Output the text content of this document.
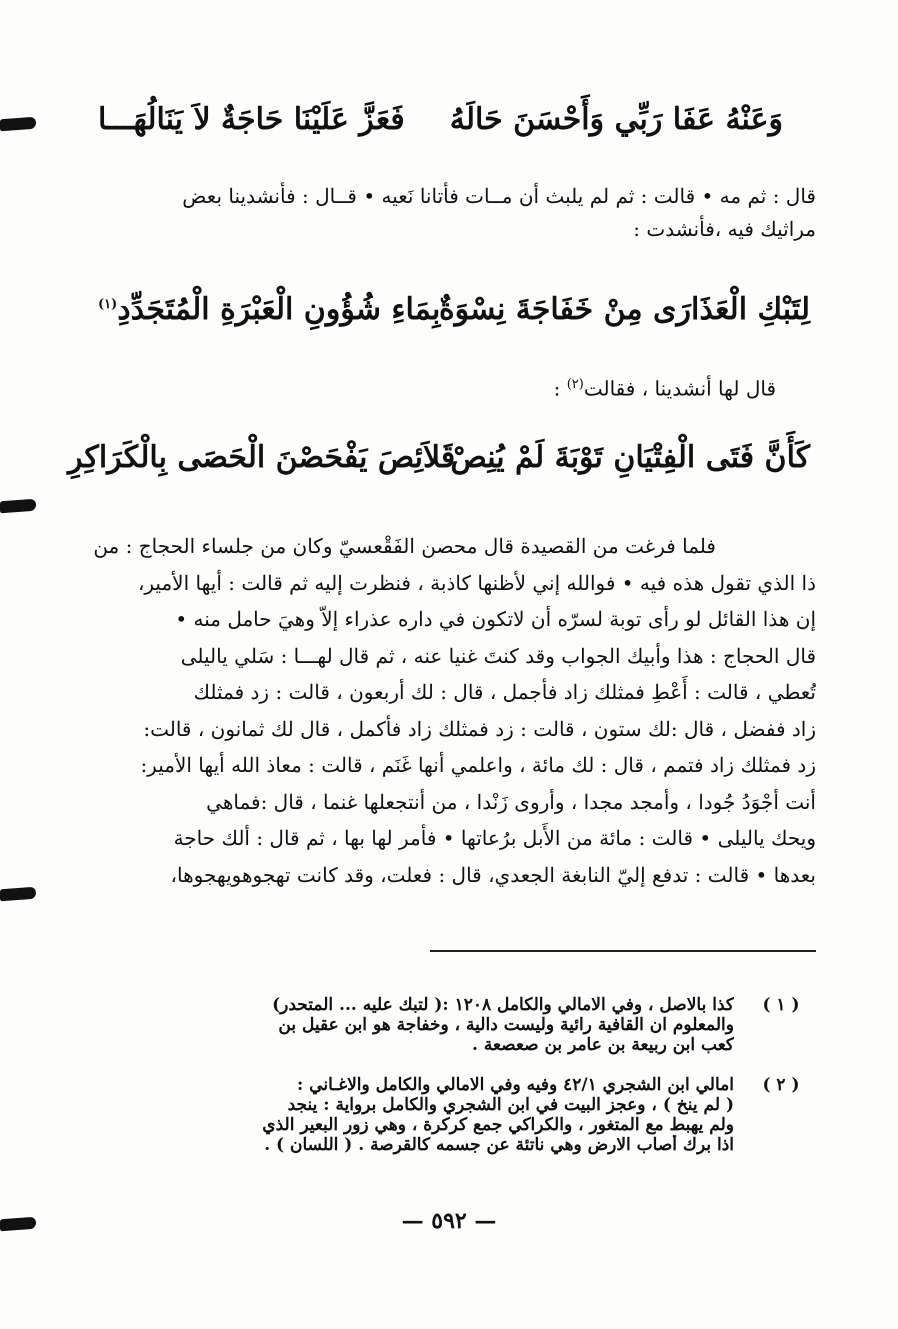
وَعَنْهُ عَفَا رَبِّي وَأَحْسَنَ حَالَهُ
فَعَزَّ عَلَيْنَا حَاجَةٌ لاَ يَنَالُهَـــا
قال : ثم مه • قالت : ثم لم يلبث أن مــات فأتانا نَعيه • قــال : فأنشدينا بعض
مراثيك فيه ،فأنشدت :
لِتَبْكِ الْعَذَارَى مِنْ خَفَاجَةَ نِسْوَةٌ
بِمَاءِ شُؤُونِ الْعَبْرَةِ الْمُتَجَدِّدِ$^{(١)}$
قال لها أنشدينا ، فقالت$^{(٢)}$ :
كَأَنَّ فَتَى الْفِتْيَانِ تَوْبَةَ لَمْ يُنِصْ
قَلاَئِصَ يَفْحَصْنَ الْحَصَى بِالْكَرَاكِرِ
فلما فرغت من القصيدة قال محصن الفَقْعسيّ وكان من جلساء الحجاج : من
ذا الذي تقول هذه فيه • فوالله إني لأظنها كاذبة ، فنظرت إليه ثم قالت : أيها الأمير،
إن هذا القائل لو رأى توبة لسرّه أن لاتكون في داره عذراء إلاّ وهيَ حامل منه •
قال الحجاج : هذا وأبيك الجواب وقد كنتَ غنيا عنه ، ثم قال لهـــا : سَلي ياليلى
تُعطي ، قالت : أَعْطِ فمثلك زاد فأجمل ، قال : لك أربعون ، قالت : زد فمثلك
زاد ففضل ، قال :لك ستون ، قالت : زد فمثلك زاد فأكمل ، قال لك ثمانون ، قالت:
زد فمثلك زاد فتمم ، قال : لك مائة ، واعلمي أنها غَنَم ، قالت : معاذ الله أيها الأمير:
أنت أجْوَدُ جُودا ، وأمجد مجدا ، وأروى زَنْدا ، من أنتجعلها غنما ، قال :فماهي
ويحك ياليلى • قالت : مائة من الأَبل برُعاتها • فأمر لها بها ، ثم قال : ألك حاجة
بعدها • قالت : تدفع إليّ النابغة الجعدي، قال : فعلت، وقد كانت تهجوهويهجوها،
( ١ )
كذا بالاصل ، وفي الامالي والكامل ١٢٠٨ :( لتبك عليه ... المتحدر)
والمعلوم ان القافية رائية وليست دالية ، وخفاجة هو ابن عقيل بن
كعب ابن ربيعة بن عامر بن صعصعة .
( ٢ )
امالي ابن الشجري ٤٢/١ وفيه وفي الامالي والكامل والاغـاني :
( لم ينخ ) ، وعجز البيت في ابن الشجري والكامل برواية : ينجد
ولم يهبط مع المتغور ، والكراكي جمع كركرة ، وهي زور البعير الذي
اذا برك أصاب الارض وهي ناتئة عن جسمه كالقرصة . ( اللسان ) .
— ٥٩٢ —
